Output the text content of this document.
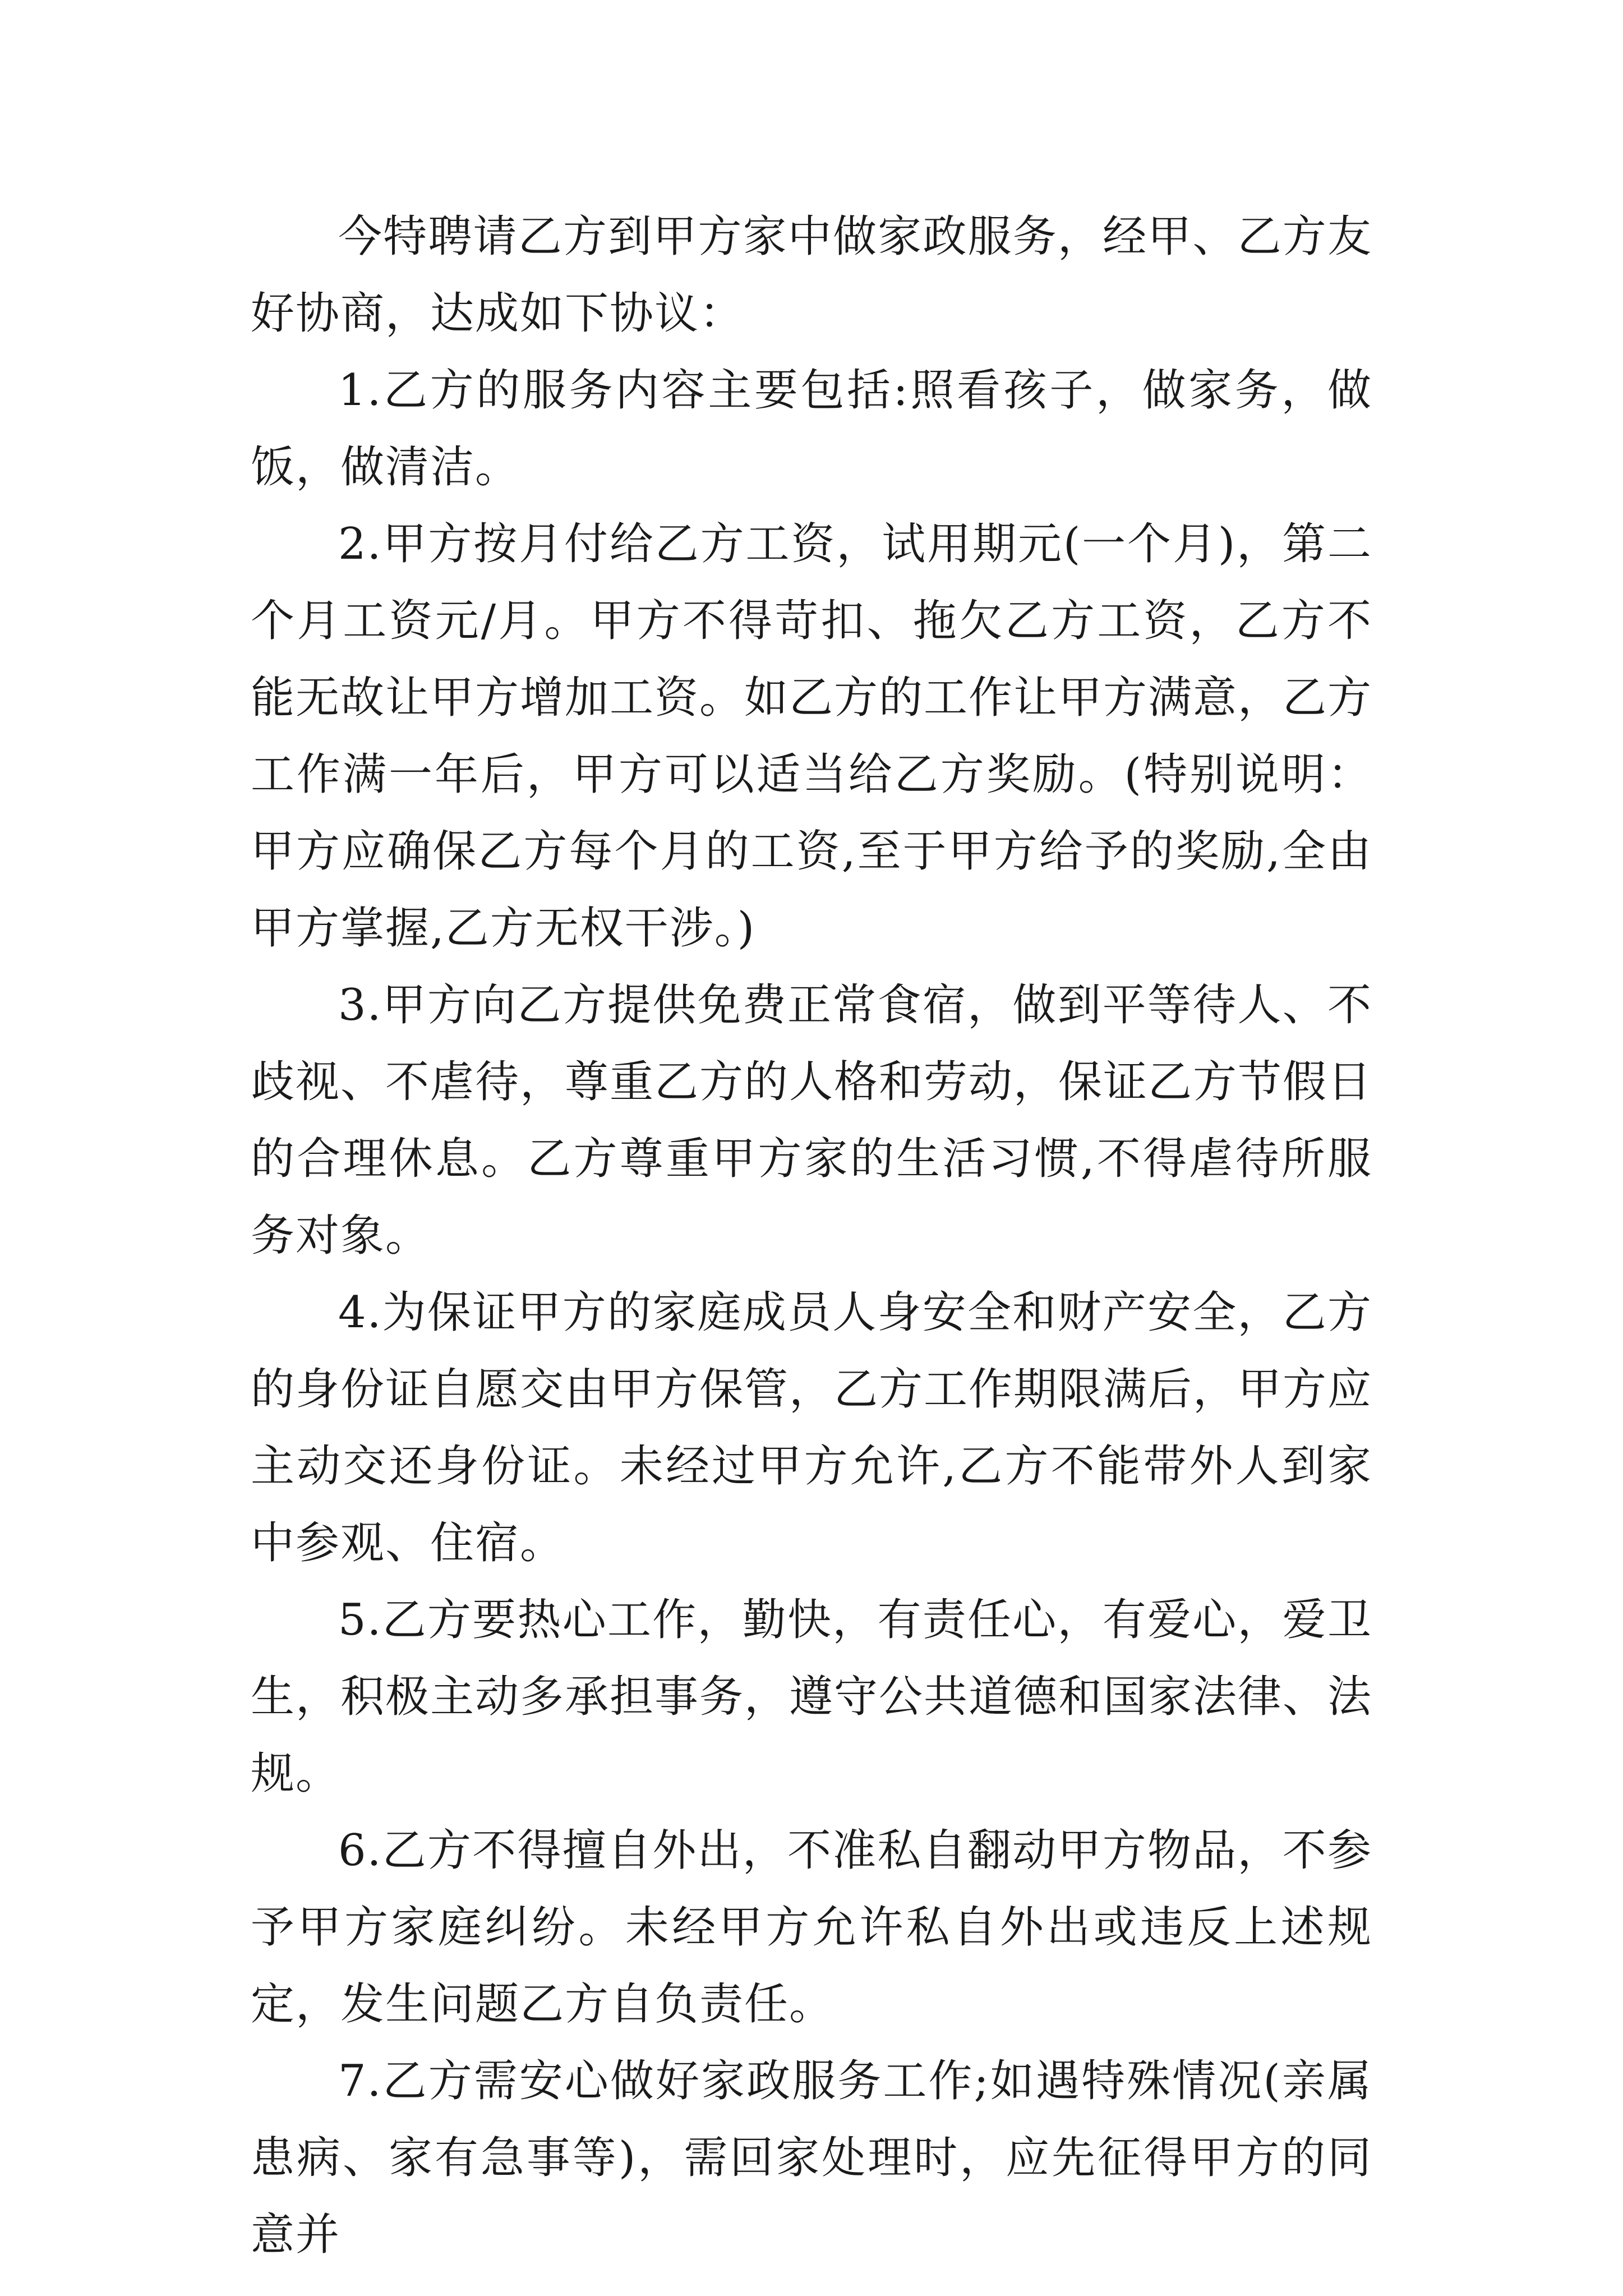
今特聘请乙方到甲方家中做家政服务，经甲、乙方友好协商，达成如下协议：

1.乙方的服务内容主要包括:照看孩子，做家务，做饭，做清洁。

2.甲方按月付给乙方工资，试用期元(一个月)，第二个月工资元/月。甲方不得苛扣、拖欠乙方工资，乙方不能无故让甲方增加工资。如乙方的工作让甲方满意，乙方工作满一年后，甲方可以适当给乙方奖励。(特别说明：甲方应确保乙方每个月的工资,至于甲方给予的奖励,全由甲方掌握,乙方无权干涉。)

3.甲方向乙方提供免费正常食宿，做到平等待人、不歧视、不虐待，尊重乙方的人格和劳动，保证乙方节假日的合理休息。乙方尊重甲方家的生活习惯,不得虐待所服务对象。

4.为保证甲方的家庭成员人身安全和财产安全，乙方的身份证自愿交由甲方保管，乙方工作期限满后，甲方应主动交还身份证。未经过甲方允许,乙方不能带外人到家中参观、住宿。

5.乙方要热心工作，勤快，有责任心，有爱心，爱卫生，积极主动多承担事务，遵守公共道德和国家法律、法规。

6.乙方不得擅自外出，不准私自翻动甲方物品，不参予甲方家庭纠纷。未经甲方允许私自外出或违反上述规定，发生问题乙方自负责任。

7.乙方需安心做好家政服务工作;如遇特殊情况(亲属患病、家有急事等)，需回家处理时，应先征得甲方的同意并
